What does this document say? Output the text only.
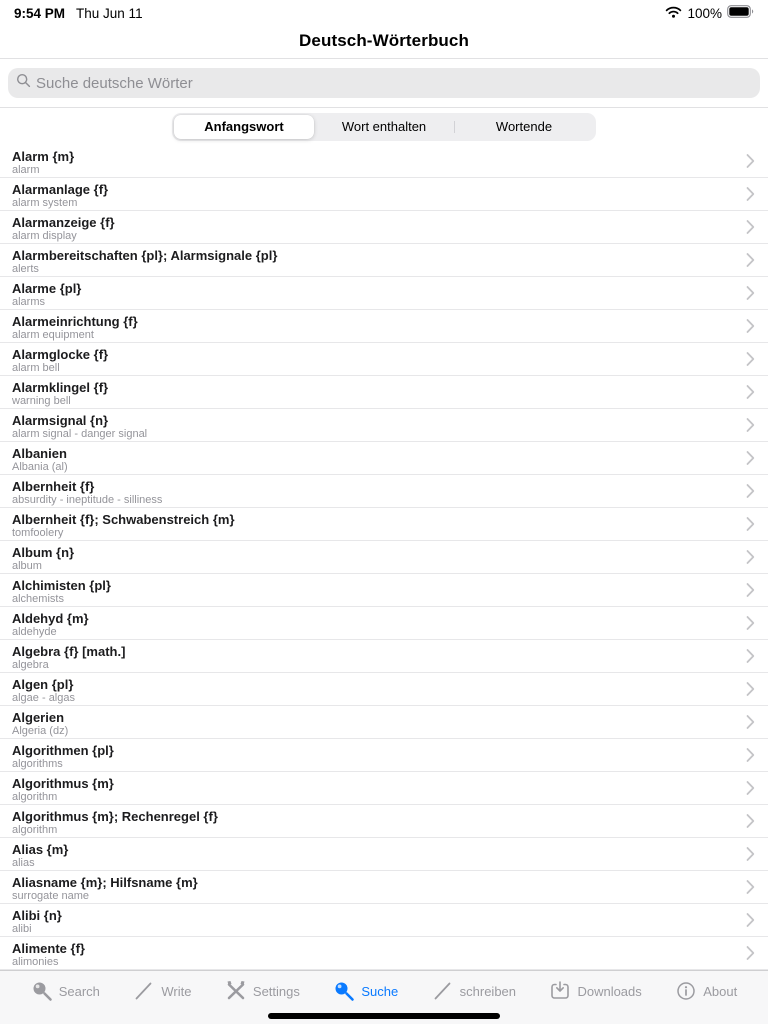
9:54 PM Thu Jun 11	100%
Deutsch-Wörterbuch
Suche deutsche Wörter
Anfangswort	Wort enthalten	Wortende
Alarm {m}
alarm
Alarmanlage {f}
alarm system
Alarmanzeige {f}
alarm display
Alarmbereitschaften {pl}; Alarmsignale {pl}
alerts
Alarme {pl}
alarms
Alarmeinrichtung {f}
alarm equipment
Alarmglocke {f}
alarm bell
Alarmklingel {f}
warning bell
Alarmsignal {n}
alarm signal - danger signal
Albanien
Albania (al)
Albernheit {f}
absurdity - ineptitude - silliness
Albernheit {f}; Schwabenstreich {m}
tomfoolery
Album {n}
album
Alchimisten {pl}
alchemists
Aldehyd {m}
aldehyde
Algebra {f} [math.]
algebra
Algen {pl}
algae - algas
Algerien
Algeria (dz)
Algorithmen {pl}
algorithms
Algorithmus {m}
algorithm
Algorithmus {m}; Rechenregel {f}
algorithm
Alias {m}
alias
Aliasname {m}; Hilfsname {m}
surrogate name
Alibi {n}
alibi
Alimente {f}
alimonies
Search	Write	Settings	Suche	schreiben	Downloads	About
